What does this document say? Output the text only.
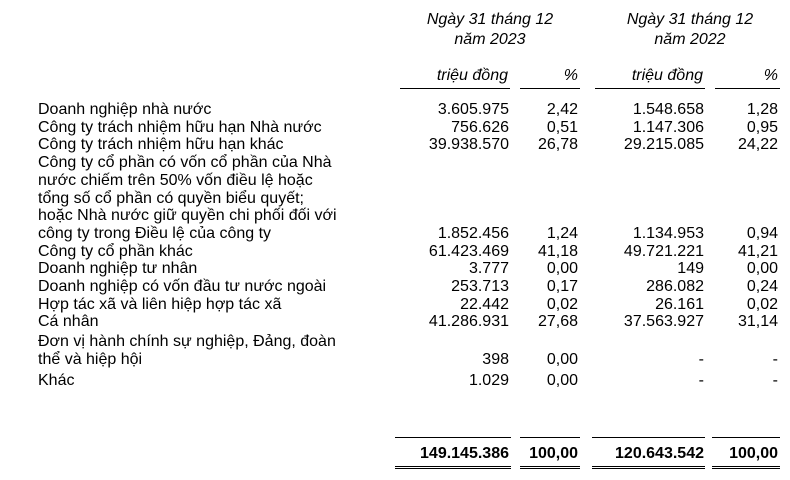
Ngày 31 tháng 12
năm 2023
Ngày 31 tháng 12
năm 2022
triệu đồng	%	triệu đồng	%
Doanh nghiệp nhà nước	3.605.975	2,42	1.548.658	1,28
Công ty trách nhiệm hữu hạn Nhà nước	756.626	0,51	1.147.306	0,95
Công ty trách nhiệm hữu hạn khác	39.938.570	26,78	29.215.085	24,22
Công ty cổ phần có vốn cổ phần của Nhà
nước chiếm trên 50% vốn điều lệ hoặc
tổng số cổ phần có quyền biểu quyết;
hoặc Nhà nước giữ quyền chi phối đối với
công ty trong Điều lệ của công ty	1.852.456	1,24	1.134.953	0,94
Công ty cổ phần khác	61.423.469	41,18	49.721.221	41,21
Doanh nghiệp tư nhân	3.777	0,00	149	0,00
Doanh nghiệp có vốn đầu tư nước ngoài	253.713	0,17	286.082	0,24
Hợp tác xã và liên hiệp hợp tác xã	22.442	0,02	26.161	0,02
Cá nhân	41.286.931	27,68	37.563.927	31,14
Đơn vị hành chính sự nghiệp, Đảng, đoàn
thể và hiệp hội	398	0,00	-	-
Khác	1.029	0,00	-	-
149.145.386	100,00	120.643.542	100,00
